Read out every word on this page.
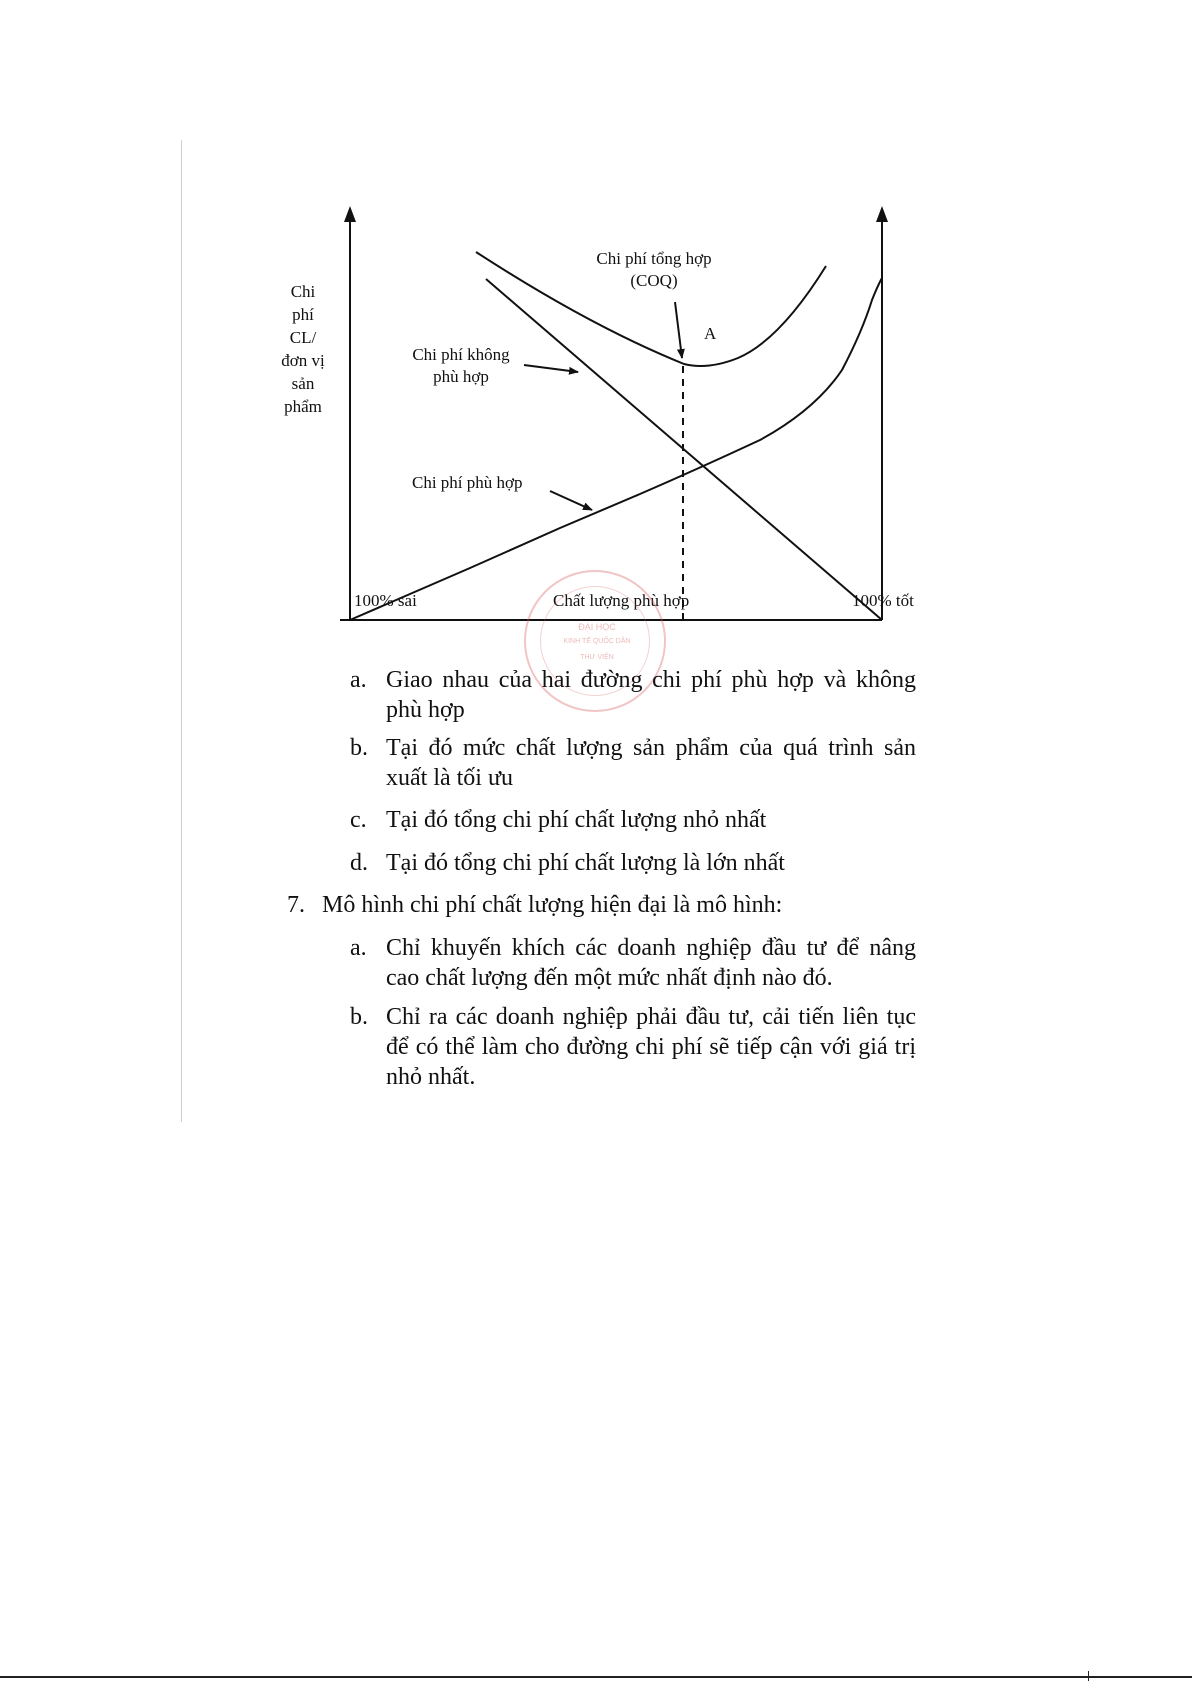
Chi
phí
CL/
đơn vị
sản
phẩm
Chi phí tổng hợp
(COQ)
A
Chi phí không
phù hợp
Chi phí phù hợp
100% sai	Chất lượng phù hợp	100% tốt
ĐẠI HỌC
KINH TẾ QUỐC DÂN
THƯ VIỆN
a. Giao nhau của hai đường chi phí phù hợp và không phù hợp
b. Tại đó mức chất lượng sản phẩm của quá trình sản xuất là tối ưu
c. Tại đó tổng chi phí chất lượng nhỏ nhất
d. Tại đó tổng chi phí chất lượng là lớn nhất
7. Mô hình chi phí chất lượng hiện đại là mô hình:
a. Chỉ khuyến khích các doanh nghiệp đầu tư để nâng cao chất lượng đến một mức nhất định nào đó.
b. Chỉ ra các doanh nghiệp phải đầu tư, cải tiến liên tục để có thể làm cho đường chi phí sẽ tiếp cận với giá trị nhỏ nhất.
